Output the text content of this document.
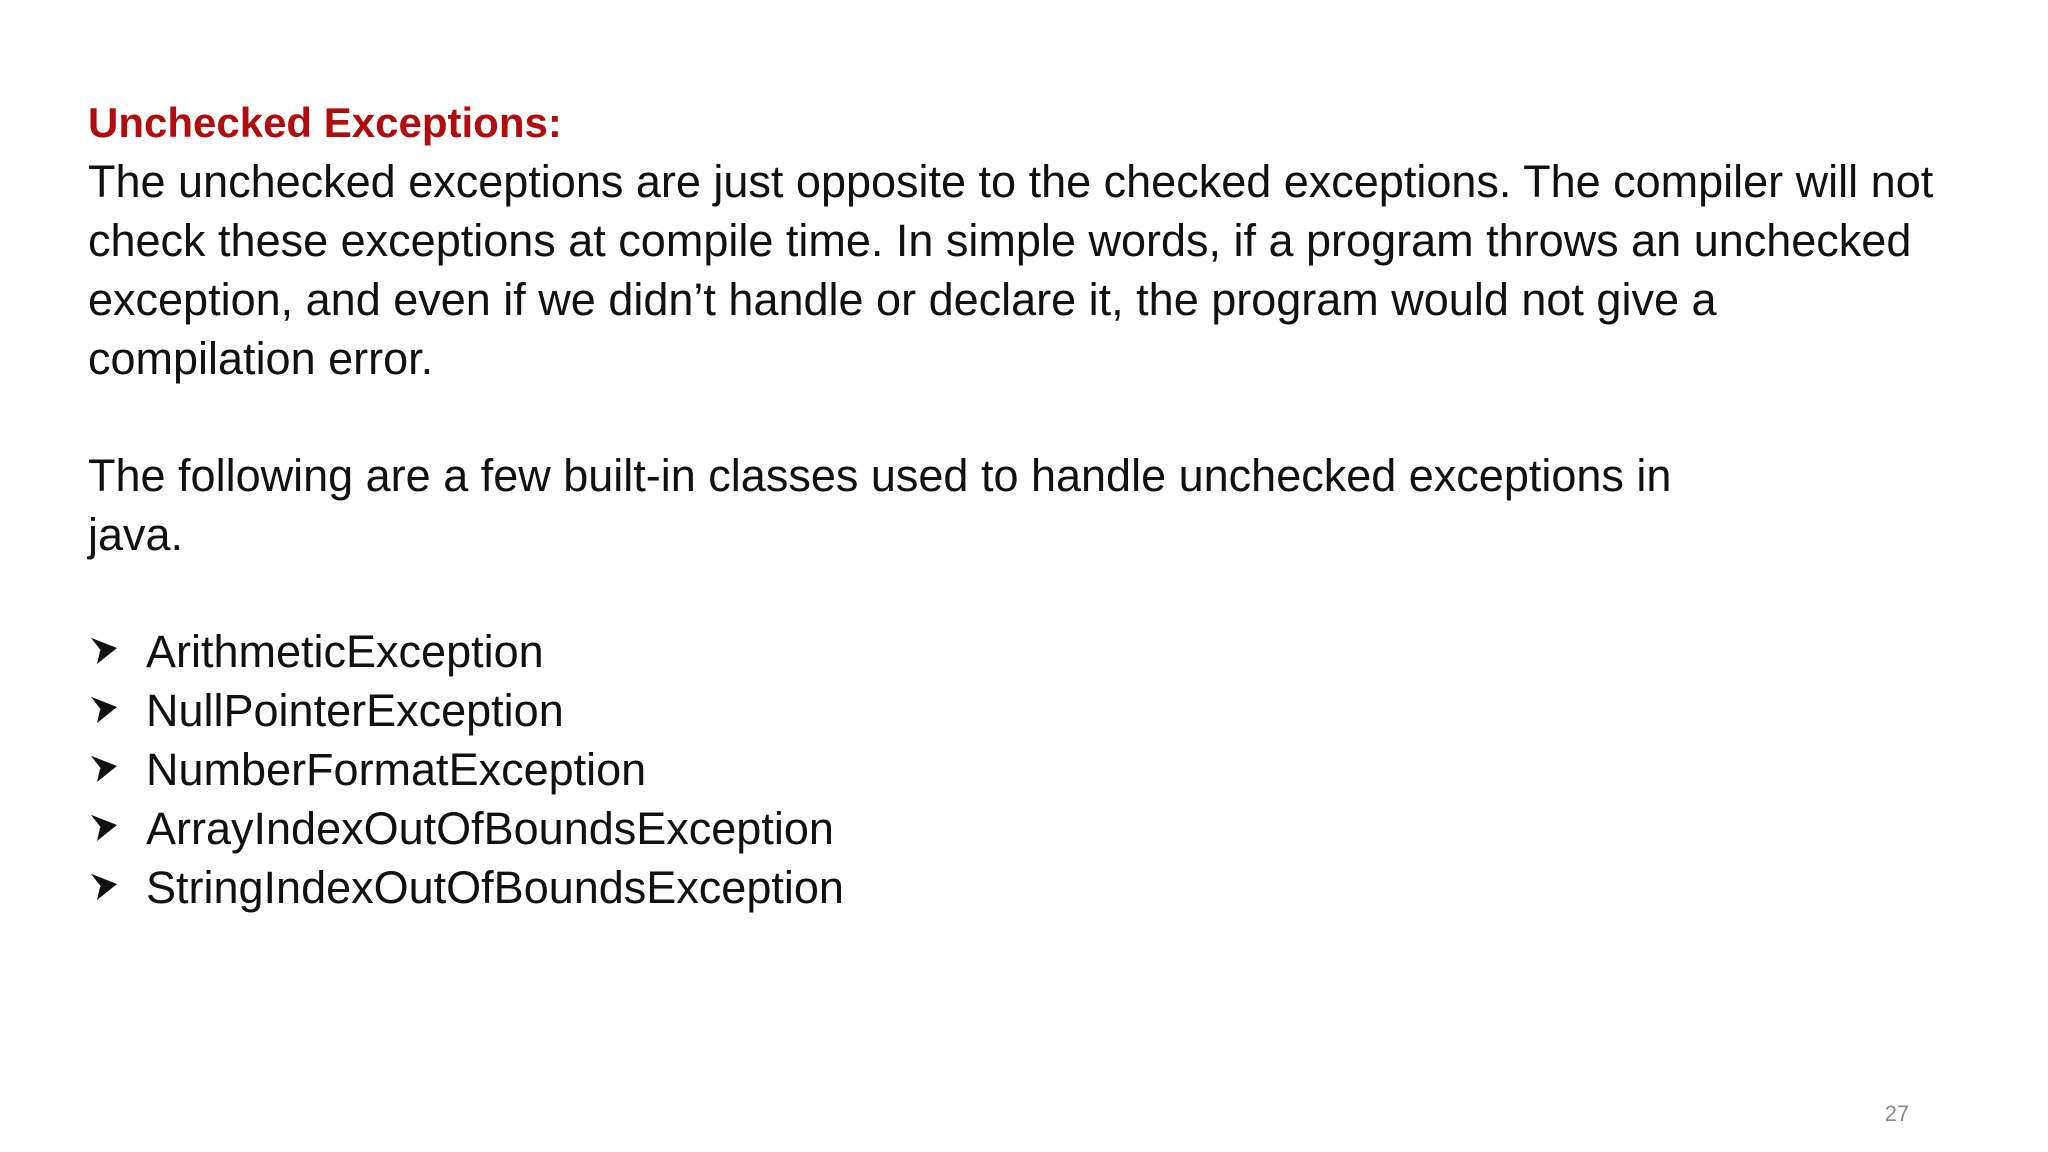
Unchecked Exceptions:
The unchecked exceptions are just opposite to the checked exceptions. The compiler will not
check these exceptions at compile time. In simple words, if a program throws an unchecked
exception, and even if we didn’t handle or declare it, the program would not give a
compilation error.
The following are a few built-in classes used to handle unchecked exceptions in
java.
ArithmeticException
NullPointerException
NumberFormatException
ArrayIndexOutOfBoundsException
StringIndexOutOfBoundsException
27
